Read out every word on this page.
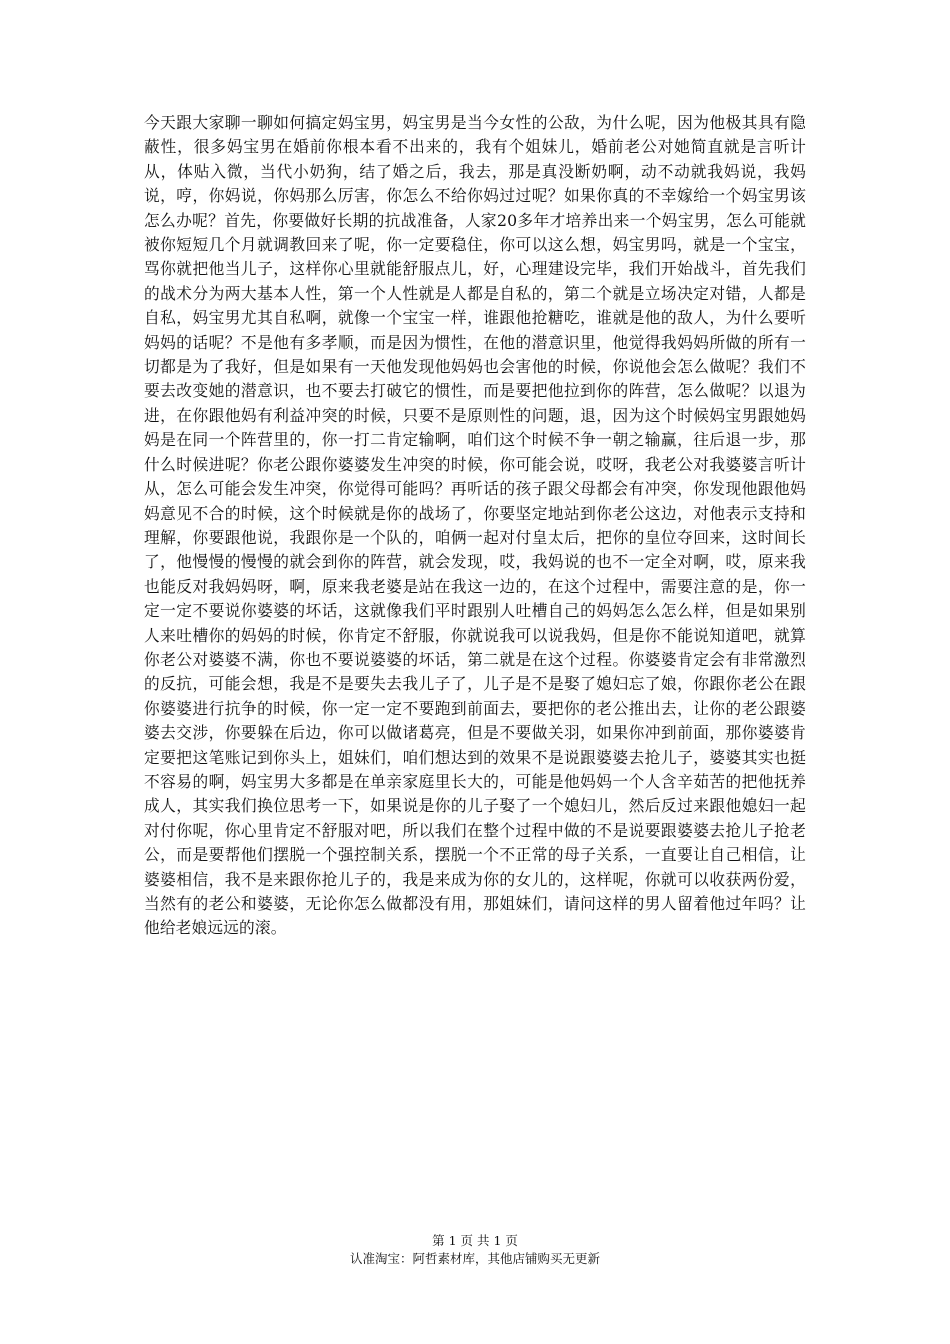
今天跟大家聊一聊如何搞定妈宝男，妈宝男是当今女性的公敌，为什么呢，因为他极其具有隐蔽性，很多妈宝男在婚前你根本看不出来的，我有个姐妹儿，婚前老公对她简直就是言听计从，体贴入微，当代小奶狗，结了婚之后，我去，那是真没断奶啊，动不动就我妈说，我妈说，哼，你妈说，你妈那么厉害，你怎么不给你妈过过呢？如果你真的不幸嫁给一个妈宝男该怎么办呢？首先，你要做好长期的抗战准备，人家20多年才培养出来一个妈宝男，怎么可能就被你短短几个月就调教回来了呢，你一定要稳住，你可以这么想，妈宝男吗，就是一个宝宝，骂你就把他当儿子，这样你心里就能舒服点儿，好，心理建设完毕，我们开始战斗，首先我们的战术分为两大基本人性，第一个人性就是人都是自私的，第二个就是立场决定对错，人都是自私，妈宝男尤其自私啊，就像一个宝宝一样，谁跟他抢糖吃，谁就是他的敌人，为什么要听妈妈的话呢？不是他有多孝顺，而是因为惯性，在他的潜意识里，他觉得我妈妈所做的所有一切都是为了我好，但是如果有一天他发现他妈妈也会害他的时候，你说他会怎么做呢？我们不要去改变她的潜意识，也不要去打破它的惯性，而是要把他拉到你的阵营，怎么做呢？以退为进，在你跟他妈有利益冲突的时候，只要不是原则性的问题，退，因为这个时候妈宝男跟她妈妈是在同一个阵营里的，你一打二肯定输啊，咱们这个时候不争一朝之输赢，往后退一步，那什么时候进呢？你老公跟你婆婆发生冲突的时候，你可能会说，哎呀，我老公对我婆婆言听计从，怎么可能会发生冲突，你觉得可能吗？再听话的孩子跟父母都会有冲突，你发现他跟他妈妈意见不合的时候，这个时候就是你的战场了，你要坚定地站到你老公这边，对他表示支持和理解，你要跟他说，我跟你是一个队的，咱俩一起对付皇太后，把你的皇位夺回来，这时间长了，他慢慢的慢慢的就会到你的阵营，就会发现，哎，我妈说的也不一定全对啊，哎，原来我也能反对我妈妈呀，啊，原来我老婆是站在我这一边的，在这个过程中，需要注意的是，你一定一定不要说你婆婆的坏话，这就像我们平时跟别人吐槽自己的妈妈怎么怎么样，但是如果别人来吐槽你的妈妈的时候，你肯定不舒服，你就说我可以说我妈，但是你不能说知道吧，就算你老公对婆婆不满，你也不要说婆婆的坏话，第二就是在这个过程。你婆婆肯定会有非常激烈的反抗，可能会想，我是不是要失去我儿子了，儿子是不是娶了媳妇忘了娘，你跟你老公在跟你婆婆进行抗争的时候，你一定一定不要跑到前面去，要把你的老公推出去，让你的老公跟婆婆去交涉，你要躲在后边，你可以做诸葛亮，但是不要做关羽，如果你冲到前面，那你婆婆肯定要把这笔账记到你头上，姐妹们，咱们想达到的效果不是说跟婆婆去抢儿子，婆婆其实也挺不容易的啊，妈宝男大多都是在单亲家庭里长大的，可能是他妈妈一个人含辛茹苦的把他抚养成人，其实我们换位思考一下，如果说是你的儿子娶了一个媳妇儿，然后反过来跟他媳妇一起对付你呢，你心里肯定不舒服对吧，所以我们在整个过程中做的不是说要跟婆婆去抢儿子抢老公，而是要帮他们摆脱一个强控制关系，摆脱一个不正常的母子关系，一直要让自己相信，让婆婆相信，我不是来跟你抢儿子的，我是来成为你的女儿的，这样呢，你就可以收获两份爱，当然有的老公和婆婆，无论你怎么做都没有用，那姐妹们，请问这样的男人留着他过年吗？让他给老娘远远的滚。

第 1 页 共 1 页
认准淘宝：阿哲素材库，其他店铺购买无更新
